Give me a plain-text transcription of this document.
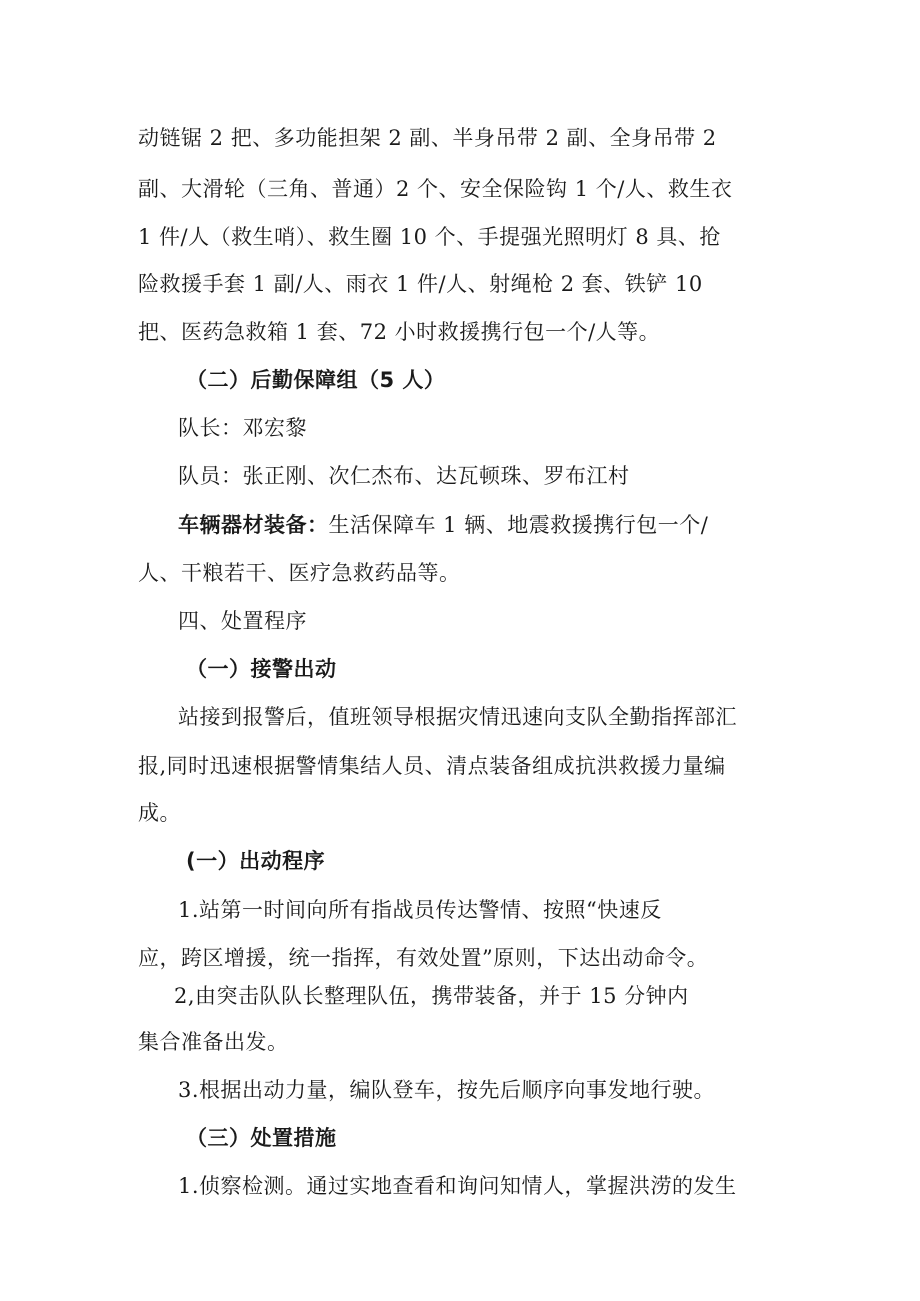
动链锯 2 把、多功能担架 2 副、半身吊带 2 副、全身吊带 2
副、大滑轮（三角、普通）2 个、安全保险钩 1 个/人、救生衣
1 件/人（救生哨）、救生圈 10 个、手提强光照明灯 8 具、抢
险救援手套 1 副/人、雨衣 1 件/人、射绳枪 2 套、铁铲 10
把、医药急救箱 1 套、72 小时救援携行包一个/人等。
（二）后勤保障组（5 人）
队长：邓宏黎
队员：张正刚、次仁杰布、达瓦顿珠、罗布江村
车辆器材装备：生活保障车 1 辆、地震救援携行包一个/
人、干粮若干、医疗急救药品等。
四、处置程序
（一）接警出动
站接到报警后，值班领导根据灾情迅速向支队全勤指挥部汇
报,同时迅速根据警情集结人员、清点装备组成抗洪救援力量编
成。
(一）出动程序
1.站第一时间向所有指战员传达警情、按照“快速反
应，跨区增援，统一指挥，有效处置”原则，下达出动命令。
2,由突击队队长整理队伍，携带装备，并于 15 分钟内
集合准备出发。
3.根据出动力量，编队登车，按先后顺序向事发地行驶。
（三）处置措施
1.侦察检测。通过实地查看和询问知情人，掌握洪涝的发生
